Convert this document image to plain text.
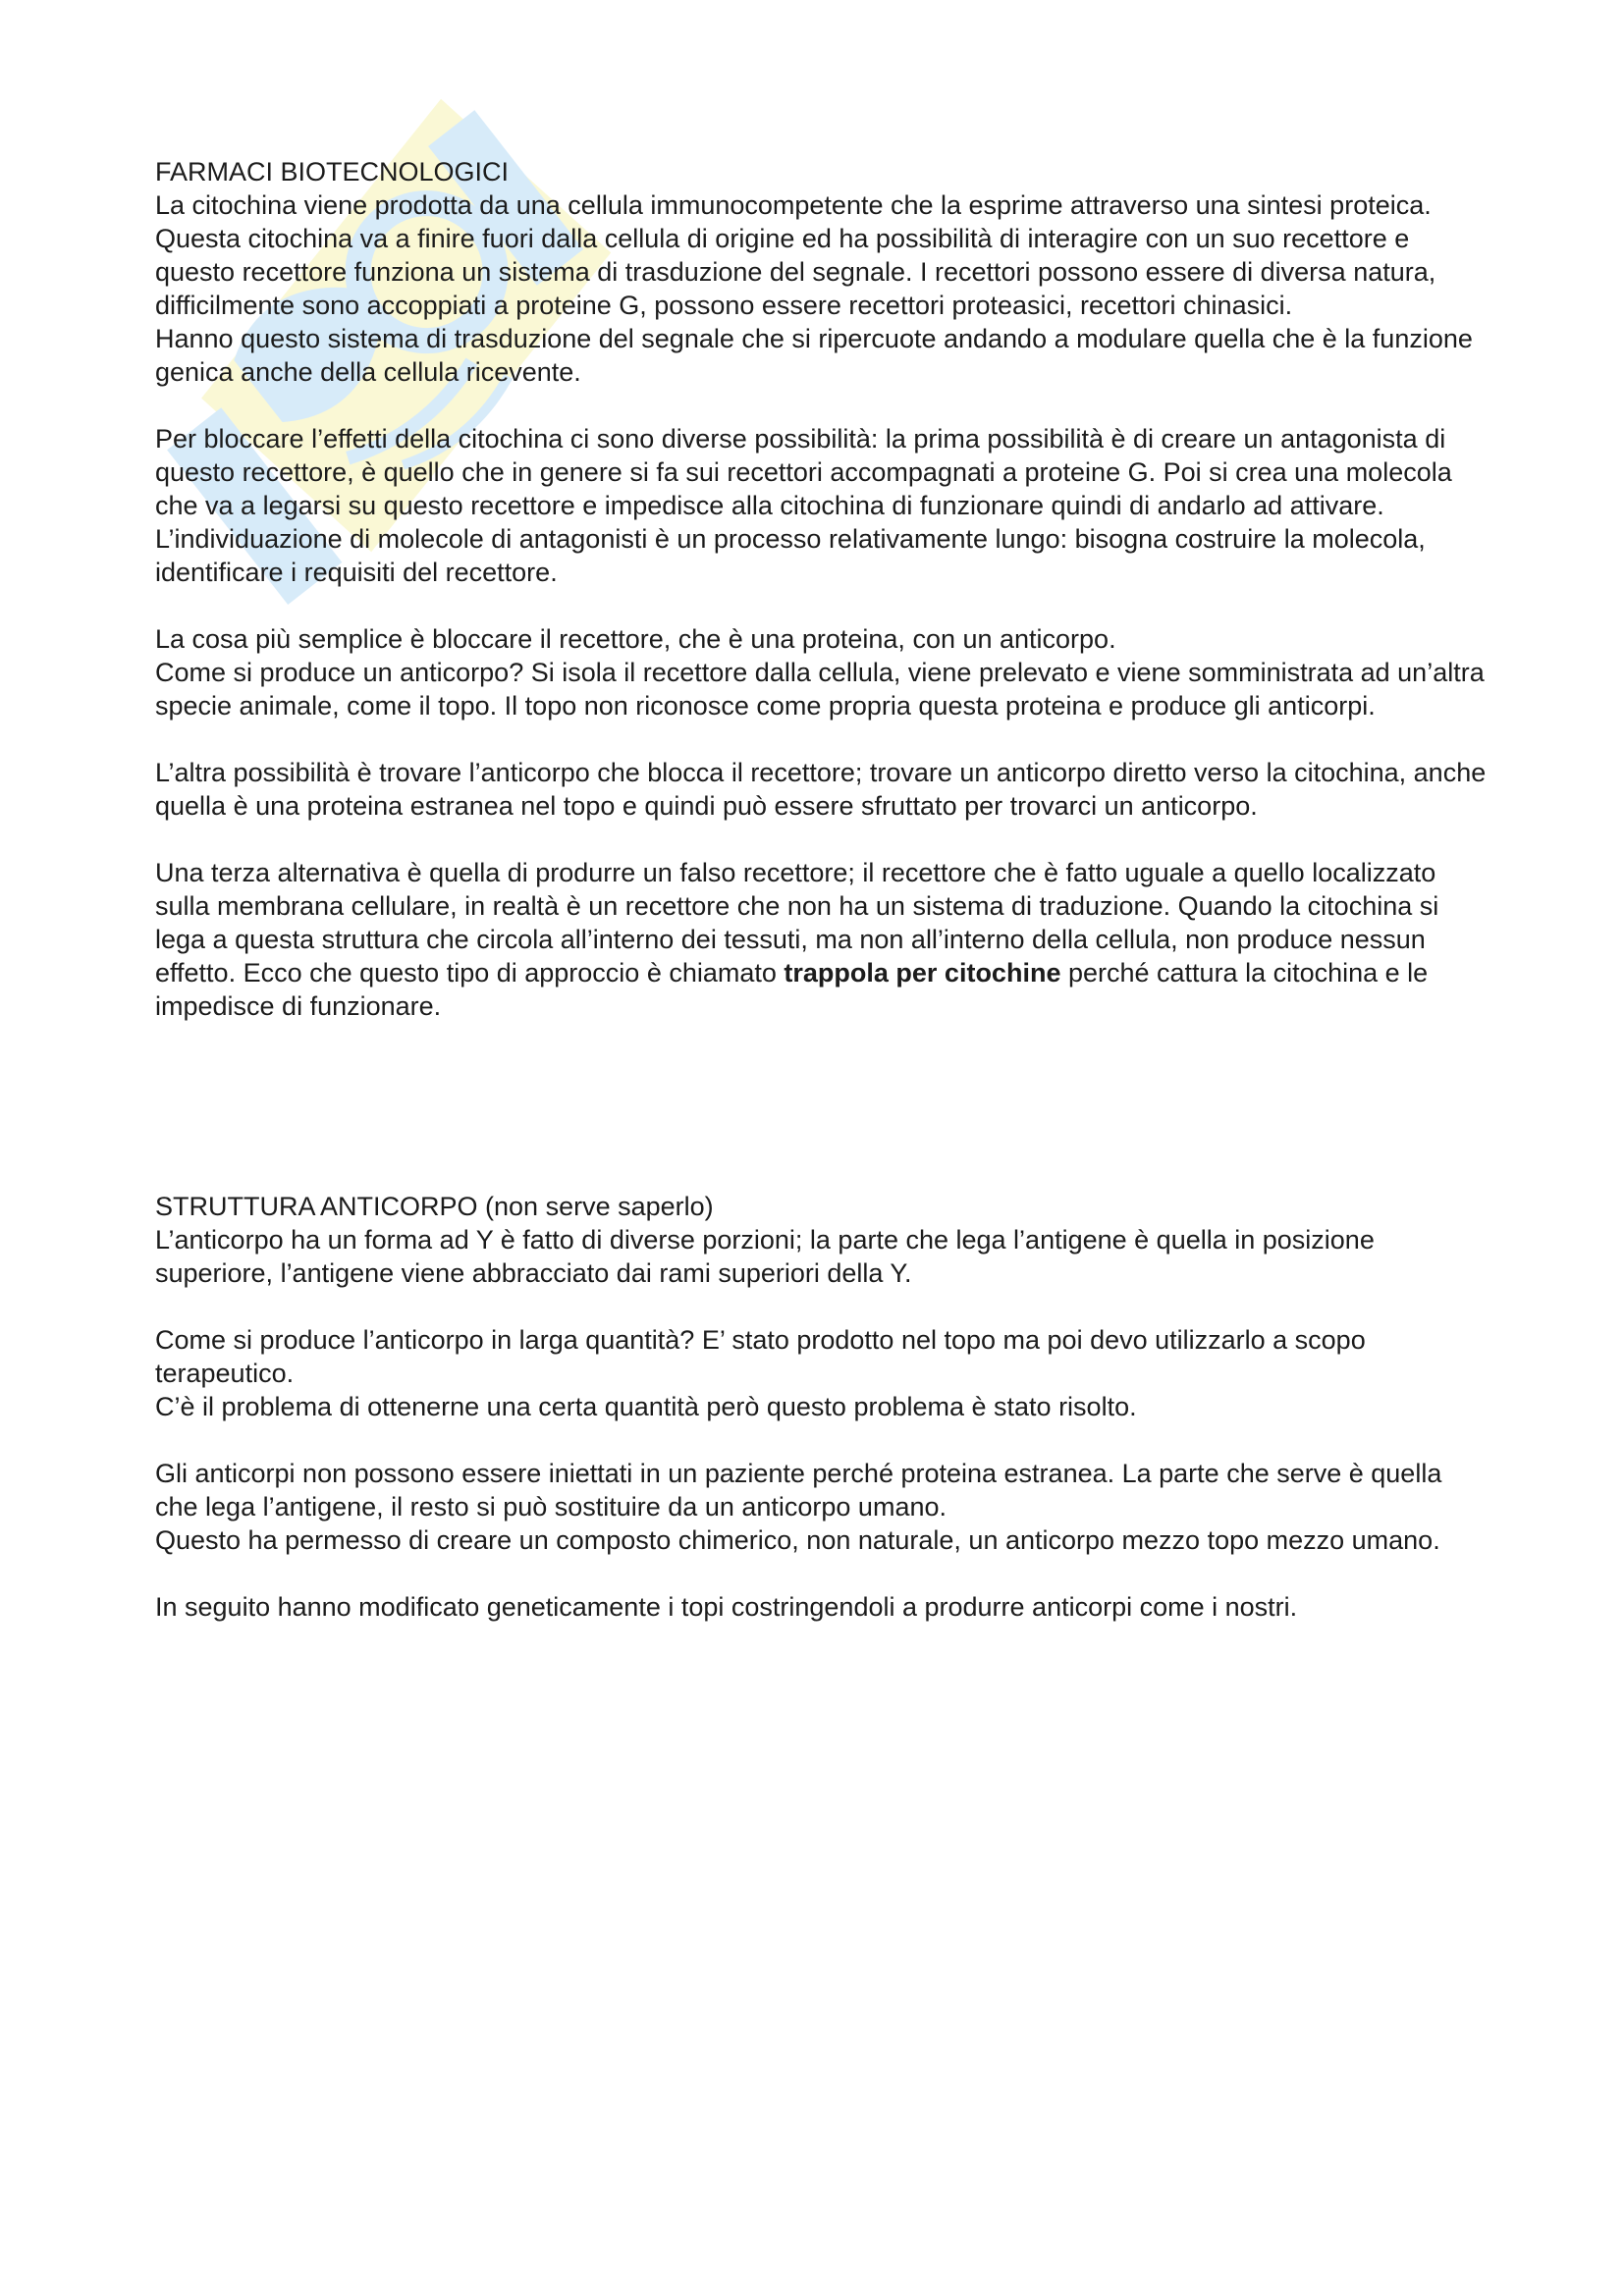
FARMACI BIOTECNOLOGICI

La citochina viene prodotta da una cellula immunocompetente che la esprime attraverso una sintesi proteica. Questa citochina va a finire fuori dalla cellula di origine ed ha possibilità di interagire con un suo recettore e questo recettore funziona un sistema di trasduzione del segnale. I recettori possono essere di diversa natura, difficilmente sono accoppiati a proteine G, possono essere recettori proteasici, recettori chinasici.

Hanno questo sistema di trasduzione del segnale che si ripercuote andando a modulare quella che è la funzione genica anche della cellula ricevente.

Per bloccare l’effetti della citochina ci sono diverse possibilità: la prima possibilità è di creare un antagonista di questo recettore, è quello che in genere si fa sui recettori accompagnati a proteine G. Poi si crea una molecola che va a legarsi su questo recettore e impedisce alla citochina di funzionare quindi di andarlo ad attivare.

L’individuazione di molecole di antagonisti è un processo relativamente lungo: bisogna costruire la molecola, identificare i requisiti del recettore.

La cosa più semplice è bloccare il recettore, che è una proteina, con un anticorpo.

Come si produce un anticorpo? Si isola il recettore dalla cellula, viene prelevato e viene somministrata ad un’altra specie animale, come il topo. Il topo non riconosce come propria questa proteina e produce gli anticorpi.

L’altra possibilità è trovare l’anticorpo che blocca il recettore; trovare un anticorpo diretto verso la citochina, anche quella è una proteina estranea nel topo e quindi può essere sfruttato per trovarci un anticorpo.

Una terza alternativa è quella di produrre un falso recettore; il recettore che è fatto uguale a quello localizzato sulla membrana cellulare, in realtà è un recettore che non ha un sistema di traduzione. Quando la citochina si lega a questa struttura che circola all’interno dei tessuti, ma non all’interno della cellula, non produce nessun effetto. Ecco che questo tipo di approccio è chiamato trappola per citochine perché cattura la citochina e le impedisce di funzionare.

STRUTTURA ANTICORPO (non serve saperlo)

L’anticorpo ha un forma ad Y è fatto di diverse porzioni; la parte che lega l’antigene è quella in posizione superiore, l’antigene viene abbracciato dai rami superiori della Y.

Come si produce l’anticorpo in larga quantità? E’ stato prodotto nel topo ma poi devo utilizzarlo a scopo terapeutico.

C’è il problema di ottenerne una certa quantità però questo problema è stato risolto.

Gli anticorpi non possono essere iniettati in un paziente perché proteina estranea. La parte che serve è quella che lega l’antigene, il resto si può sostituire da un anticorpo umano.

Questo ha permesso di creare un composto chimerico, non naturale, un anticorpo mezzo topo mezzo umano.

In seguito hanno modificato geneticamente i topi costringendoli a produrre anticorpi come i nostri.
